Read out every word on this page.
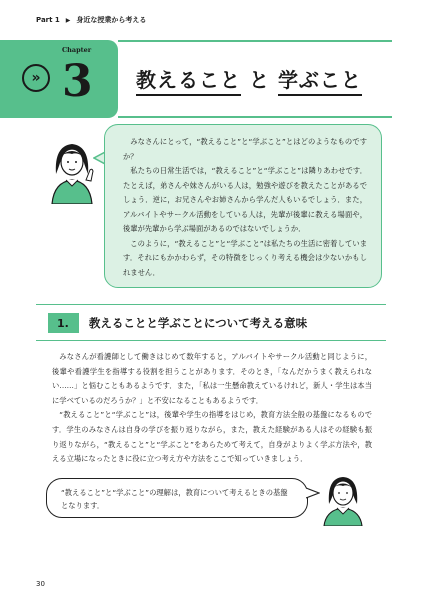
Part 1 ▶ 身近な授業から考える
»
Chapter
3 教えること と 学ぶこと

みなさんにとって，“教えること”と“学ぶこと”とはどのようなものですか？

私たちの日常生活では，“教えること”と“学ぶこと”は隣りあわせです．たとえば，弟さんや妹さんがいる人は，勉強や遊びを教えたことがあるでしょう．逆に，お兄さんやお姉さんから学んだ人もいるでしょう．また，アルバイトやサークル活動をしている人は，先輩が後輩に教える場面や，後輩が先輩から学ぶ場面があるのではないでしょうか．

このように，“教えること”と“学ぶこと”は私たちの生活に密着しています．それにもかかわらず，その特徴をじっくり考える機会は少ないかもしれません．

1.	教えることと学ぶことについて考える意味

みなさんが看護師として働きはじめて数年すると，アルバイトやサークル活動と同じように，後輩や看護学生を指導する役割を担うことがあります．そのとき，「なんだかうまく教えられない……」と悩むこともあるようです．また，「私は一生懸命教えているけれど，新人・学生は本当に学べているのだろうか？」と不安になることもあるようです．

“教えること”と“学ぶこと”は，後輩や学生の指導をはじめ，教育方法全般の基盤になるものです．学生のみなさんは自身の学びを振り返りながら，また，教えた経験がある人はその経験も振り返りながら，“教えること”と“学ぶこと”をあらためて考えて，自身がよりよく学ぶ方法や，教える立場になったときに役に立つ考え方や方法をここで知っていきましょう．

“教えること”と“学ぶこと”の理解は，教育について考えるときの基盤となります．

30
